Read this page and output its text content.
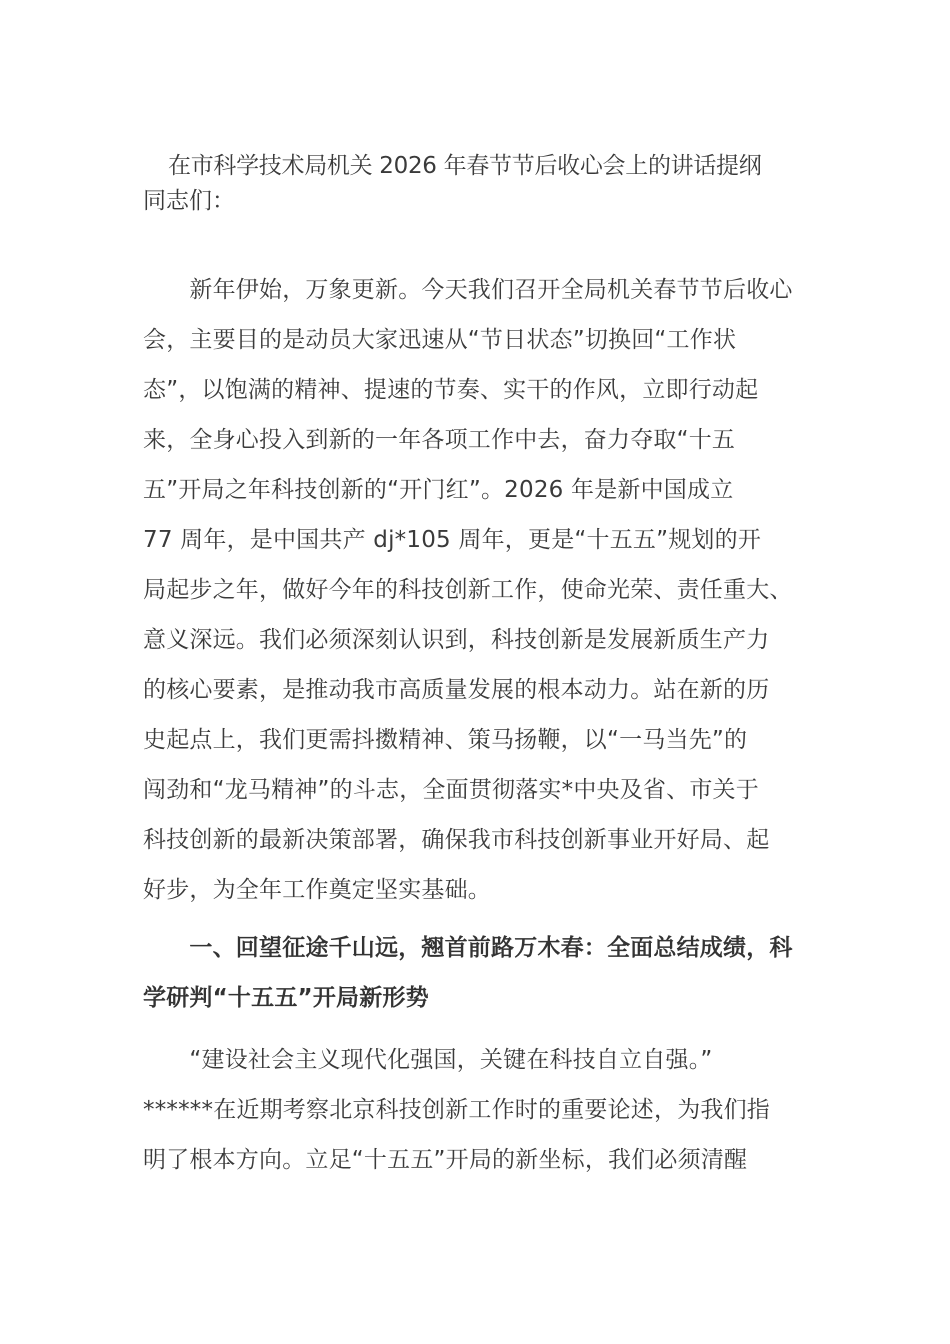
在市科学技术局机关 2026 年春节节后收心会上的讲话提纲
同志们：
　　新年伊始，万象更新。今天我们召开全局机关春节节后收心
会，主要目的是动员大家迅速从“节日状态”切换回“工作状
态”，以饱满的精神、提速的节奏、实干的作风，立即行动起
来，全身心投入到新的一年各项工作中去，奋力夺取“十五
五”开局之年科技创新的“开门红”。2026 年是新中国成立
77 周年，是中国共产 dj*105 周年，更是“十五五”规划的开
局起步之年，做好今年的科技创新工作，使命光荣、责任重大、
意义深远。我们必须深刻认识到，科技创新是发展新质生产力
的核心要素，是推动我市高质量发展的根本动力。站在新的历
史起点上，我们更需抖擞精神、策马扬鞭，以“一马当先”的
闯劲和“龙马精神”的斗志，全面贯彻落实*中央及省、市关于
科技创新的最新决策部署，确保我市科技创新事业开好局、起
好步，为全年工作奠定坚实基础。
　　一、回望征途千山远，翘首前路万木春：全面总结成绩，科
学研判“十五五”开局新形势
　　“建设社会主义现代化强国，关键在科技自立自强。”
******在近期考察北京科技创新工作时的重要论述，为我们指
明了根本方向。立足“十五五”开局的新坐标，我们必须清醒
